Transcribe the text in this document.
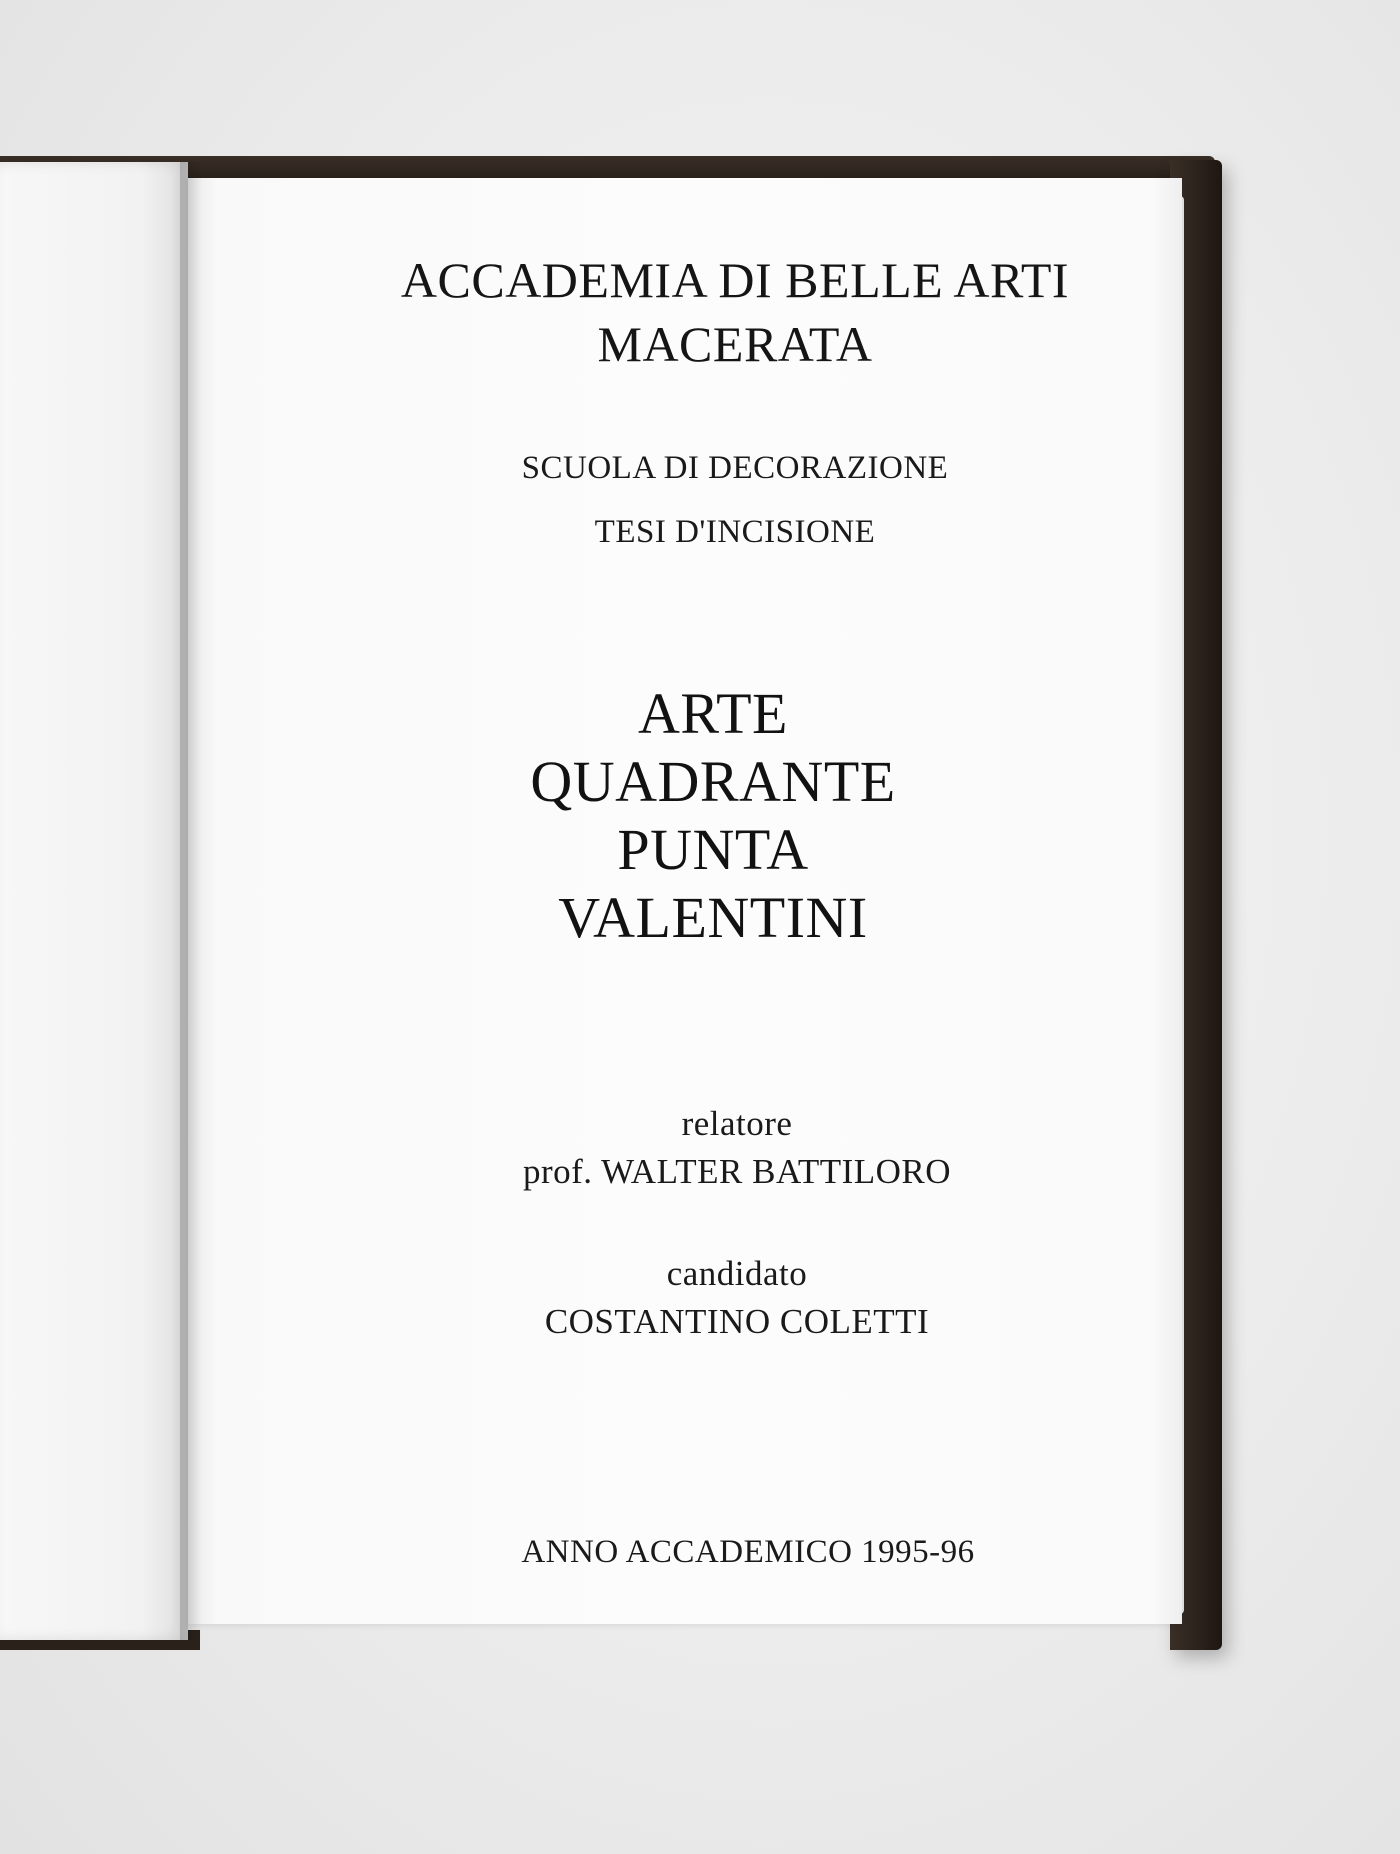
ACCADEMIA DI BELLE ARTI
MACERATA
SCUOLA DI DECORAZIONE
TESI D'INCISIONE
ARTE
QUADRANTE
PUNTA
VALENTINI
relatore
prof. WALTER BATTILORO
candidato
COSTANTINO COLETTI
ANNO ACCADEMICO 1995-96
